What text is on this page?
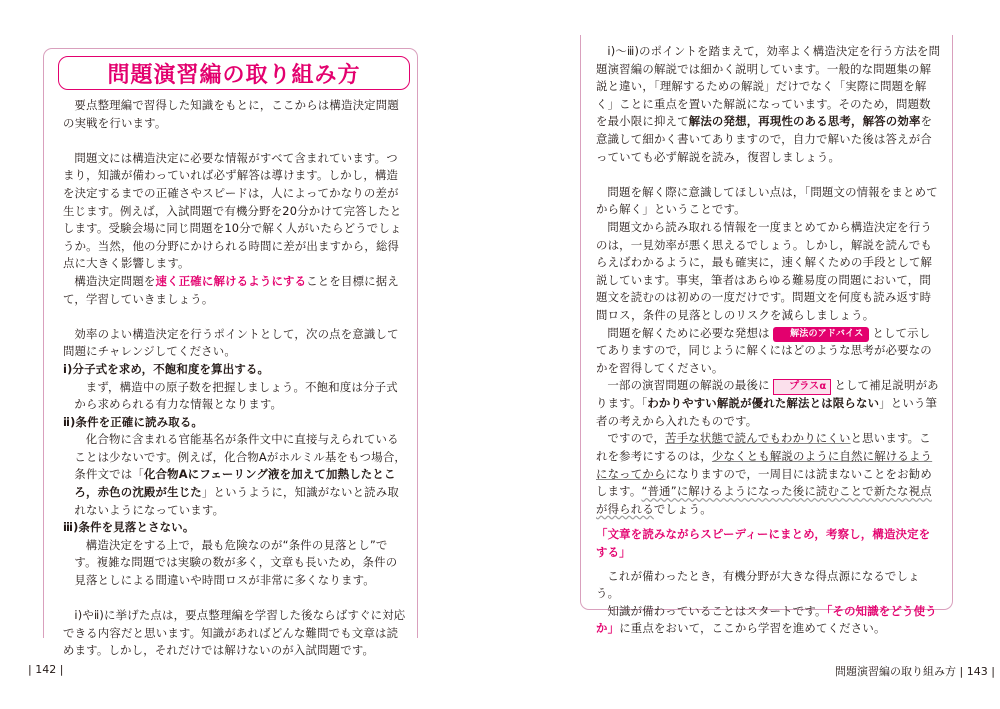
問題演習編の取り組み方

要点整理編で習得した知識をもとに，ここからは構造決定問題の実戦を行います。

問題文には構造決定に必要な情報がすべて含まれています。つまり，知識が備わっていれば必ず解答は導けます。しかし，構造を決定するまでの正確さやスピードは，人によってかなりの差が生じます。例えば，入試問題で有機分野を20分かけて完答したとします。受験会場に同じ問題を10分で解く人がいたらどうでしょうか。当然，他の分野にかけられる時間に差が出ますから，総得点に大きく影響します。

構造決定問題を速く正確に解けるようにすることを目標に据えて，学習していきましょう。

効率のよい構造決定を行うポイントとして，次の点を意識して問題にチャレンジしてください。

ⅰ)分子式を求め，不飽和度を算出する。

まず，構造中の原子数を把握しましょう。不飽和度は分子式から求められる有力な情報となります。

ⅱ)条件を正確に読み取る。

化合物に含まれる官能基名が条件文中に直接与えられていることは少ないです。例えば，化合物Aがホルミル基をもつ場合，条件文では「化合物Aにフェーリング液を加えて加熱したところ，赤色の沈殿が生じた」というように，知識がないと読み取れないようになっています。

ⅲ)条件を見落とさない。

構造決定をする上で，最も危険なのが“条件の見落とし”です。複雑な問題では実験の数が多く，文章も長いため，条件の見落としによる間違いや時間ロスが非常に多くなります。

ⅰ)やⅱ)に挙げた点は，要点整理編を学習した後ならばすぐに対応できる内容だと思います。知識があればどんな難問でも文章は読めます。しかし，それだけでは解けないのが入試問題です。

| 142 |

ⅰ)～ⅲ)のポイントを踏まえて，効率よく構造決定を行う方法を問題演習編の解説では細かく説明しています。一般的な問題集の解説と違い，「理解するための解説」だけでなく「実際に問題を解く」ことに重点を置いた解説になっています。そのため，問題数を最小限に抑えて解法の発想，再現性のある思考，解答の効率を意識して細かく書いてありますので，自力で解いた後は答えが合っていても必ず解説を読み，復習しましょう。

問題を解く際に意識してほしい点は，「問題文の情報をまとめてから解く」ということです。

問題文から読み取れる情報を一度まとめてから構造決定を行うのは，一見効率が悪く思えるでしょう。しかし，解説を読んでもらえばわかるように，最も確実に，速く解くための手段として解説しています。事実，筆者はあらゆる難易度の問題において，問題文を読むのは初めの一度だけです。問題文を何度も読み返す時間ロス，条件の見落としのリスクを減らしましょう。

問題を解くために必要な発想は 解法のアドバイス として示してありますので，同じように解くにはどのような思考が必要なのかを習得してください。

一部の演習問題の解説の最後に プラスα として補足説明があります。「わかりやすい解説が優れた解法とは限らない」という筆者の考えから入れたものです。

ですので，苦手な状態で読んでもわかりにくいと思います。これを参考にするのは，少なくとも解説のように自然に解けるようになってからになりますので，一周目には読まないことをお勧めします。“普通”に解けるようになった後に読むことで新たな視点が得られるでしょう。

「文章を読みながらスピーディーにまとめ，考察し，構造決定をする」

これが備わったとき，有機分野が大きな得点源になるでしょう。

知識が備わっていることはスタートです。「その知識をどう使うか」に重点をおいて，ここから学習を進めてください。

問題演習編の取り組み方 | 143 |
